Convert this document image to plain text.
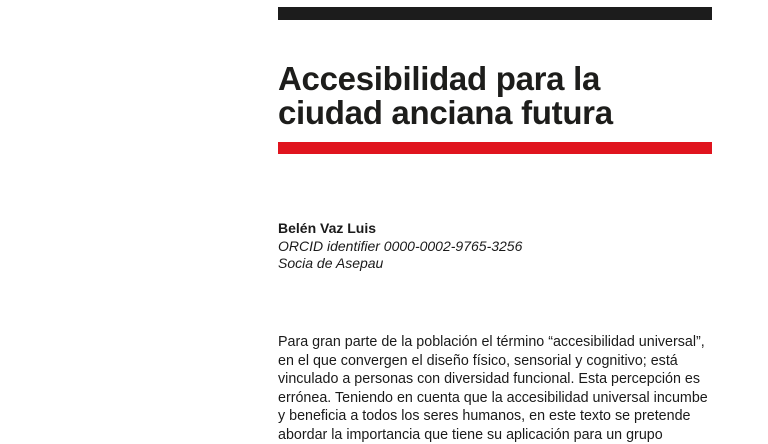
Accesibilidad para la
ciudad anciana futura
Belén Vaz Luis
ORCID identifier 0000-0002-9765-3256
Socia de Asepau

Para gran parte de la población el término “accesibilidad universal”,
en el que convergen el diseño físico, sensorial y cognitivo; está
vinculado a personas con diversidad funcional. Esta percepción es
errónea. Teniendo en cuenta que la accesibilidad universal incumbe
y beneficia a todos los seres humanos, en este texto se pretende
abordar la importancia que tiene su aplicación para un grupo
